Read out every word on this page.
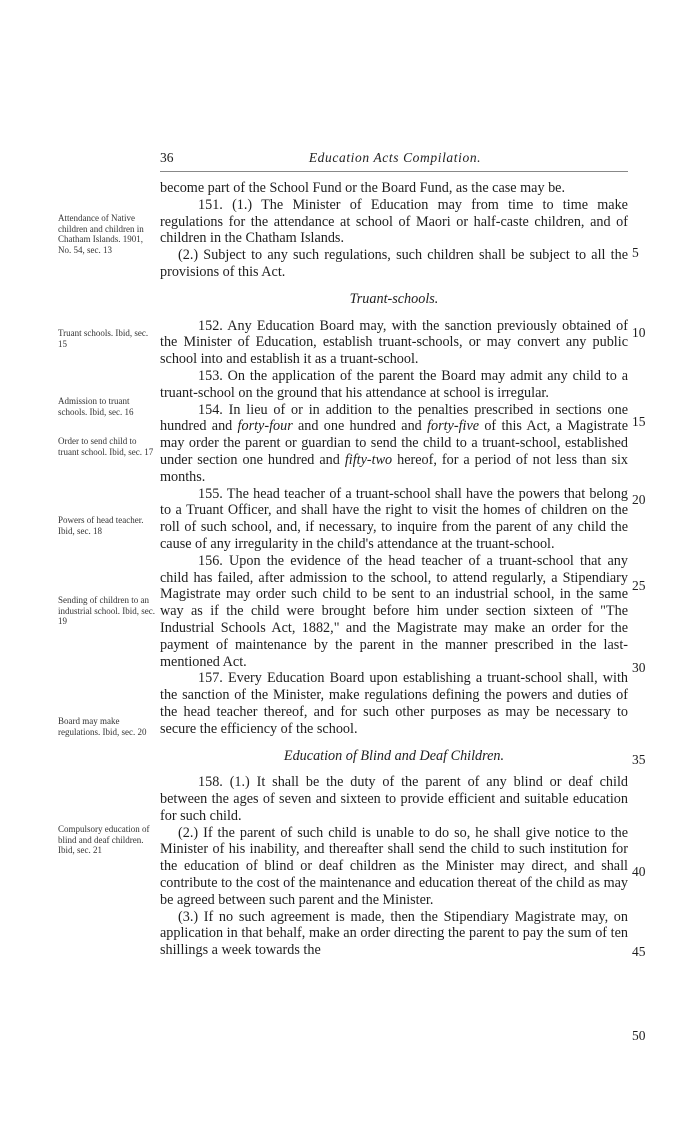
36	Education Acts Compilation.
Attendance of Native children and children in Chatham Islands. 1901, No. 54, sec. 13
Truant schools. Ibid, sec. 15
Admission to truant schools. Ibid, sec. 16
Order to send child to truant school. Ibid, sec. 17
Powers of head teacher. Ibid, sec. 18
Sending of children to an industrial school. Ibid, sec. 19
Board may make regulations. Ibid, sec. 20
Compulsory education of blind and deaf children. Ibid, sec. 21

become part of the School Fund or the Board Fund, as the case may be.

151. (1.) The Minister of Education may from time to time make regulations for the attendance at school of Maori or half-caste children, and of children in the Chatham Islands.

(2.) Subject to any such regulations, such children shall be subject to all the provisions of this Act.

Truant-schools.

152. Any Education Board may, with the sanction previously obtained of the Minister of Education, establish truant-schools, or may convert any public school into and establish it as a truant-school.

153. On the application of the parent the Board may admit any child to a truant-school on the ground that his attendance at school is irregular.

154. In lieu of or in addition to the penalties prescribed in sections one hundred and forty-four and one hundred and forty-five of this Act, a Magistrate may order the parent or guardian to send the child to a truant-school, established under section one hundred and fifty-two hereof, for a period of not less than six months.

155. The head teacher of a truant-school shall have the powers that belong to a Truant Officer, and shall have the right to visit the homes of children on the roll of such school, and, if necessary, to inquire from the parent of any child the cause of any irregularity in the child's attendance at the truant-school.

156. Upon the evidence of the head teacher of a truant-school that any child has failed, after admission to the school, to attend regularly, a Stipendiary Magistrate may order such child to be sent to an industrial school, in the same way as if the child were brought before him under section sixteen of "The Industrial Schools Act, 1882," and the Magistrate may make an order for the payment of maintenance by the parent in the manner prescribed in the last-mentioned Act.

157. Every Education Board upon establishing a truant-school shall, with the sanction of the Minister, make regulations defining the powers and duties of the head teacher thereof, and for such other purposes as may be necessary to secure the efficiency of the school.

Education of Blind and Deaf Children.

158. (1.) It shall be the duty of the parent of any blind or deaf child between the ages of seven and sixteen to provide efficient and suitable education for such child.

(2.) If the parent of such child is unable to do so, he shall give notice to the Minister of his inability, and thereafter shall send the child to such institution for the education of blind or deaf children as the Minister may direct, and shall contribute to the cost of the maintenance and education thereat of the child as may be agreed between such parent and the Minister.

(3.) If no such agreement is made, then the Stipendiary Magistrate may, on application in that behalf, make an order directing the parent to pay the sum of ten shillings a week towards the

5
10
15
20
25
30
35
40
45
50
